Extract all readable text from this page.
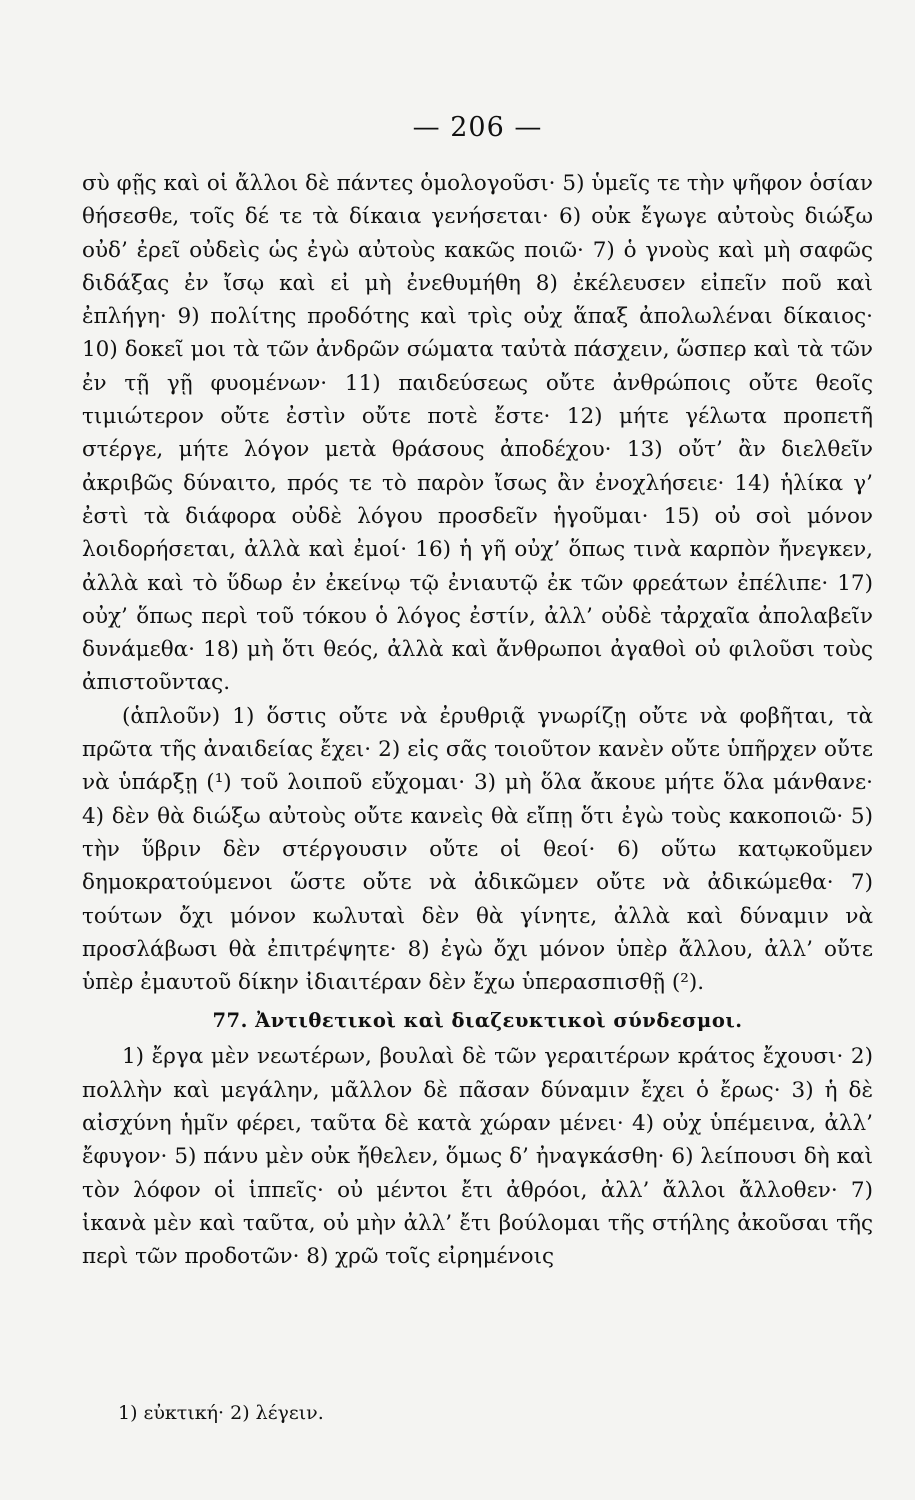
— 206 —

σὺ φῇς καὶ οἱ ἄλλοι δὲ πάντες ὁμολογοῦσι· 5) ὑμεῖς τε τὴν ψῆφον ὁσίαν θήσεσθε, τοῖς δέ τε τὰ δίκαια γενήσεται· 6) οὐκ ἔγωγε αὐτοὺς διώξω οὐδ’ ἐρεῖ οὐδεὶς ὡς ἐγὼ αὐτοὺς κακῶς ποιῶ· 7) ὁ γνοὺς καὶ μὴ σαφῶς διδάξας ἐν ἴσῳ καὶ εἰ μὴ ἐνεθυμήθη 8) ἐκέλευσεν εἰπεῖν ποῦ καὶ ἐπλήγη· 9) πολίτης προδότης καὶ τρὶς οὐχ ἅπαξ ἀπολωλέναι δίκαιος· 10) δοκεῖ μοι τὰ τῶν ἀνδρῶν σώματα ταὐτὰ πάσχειν, ὥσπερ καὶ τὰ τῶν ἐν τῇ γῇ φυομένων· 11) παιδεύσεως οὔτε ἀνθρώποις οὔτε θεοῖς τιμιώτερον οὔτε ἐστὶν οὔτε ποτὲ ἔστε· 12) μήτε γέλωτα προπετῆ στέργε, μήτε λόγον μετὰ θράσους ἀποδέχου· 13) οὔτ’ ἂν διελθεῖν ἀκριβῶς δύναιτο, πρός τε τὸ παρὸν ἴσως ἂν ἐνοχλήσειε· 14) ἡλίκα γ’ ἐστὶ τὰ διάφορα οὐδὲ λόγου προσδεῖν ἡγοῦμαι· 15) οὐ σοὶ μόνον λοιδορήσεται, ἀλλὰ καὶ ἐμοί· 16) ἡ γῆ οὐχ’ ὅπως τινὰ καρπὸν ἤνεγκεν, ἀλλὰ καὶ τὸ ὕδωρ ἐν ἐκείνῳ τῷ ἐνιαυτῷ ἐκ τῶν φρεάτων ἐπέλιπε· 17) οὐχ’ ὅπως περὶ τοῦ τόκου ὁ λόγος ἐστίν, ἀλλ’ οὐδὲ τἀρχαῖα ἀπολαβεῖν δυνάμεθα· 18) μὴ ὅτι θεός, ἀλλὰ καὶ ἄνθρωποι ἀγαθοὶ οὐ φιλοῦσι τοὺς ἀπιστοῦντας.

(ἁπλοῦν) 1) ὅστις οὔτε νὰ ἐρυθριᾷ γνωρίζῃ οὔτε νὰ φοβῆται, τὰ πρῶτα τῆς ἀναιδείας ἔχει· 2) εἰς σᾶς τοιοῦτον κανὲν οὔτε ὑπῆρχεν οὔτε νὰ ὑπάρξῃ (¹) τοῦ λοιποῦ εὔχομαι· 3) μὴ ὅλα ἄκουε μήτε ὅλα μάνθανε· 4) δὲν θὰ διώξω αὐτοὺς οὔτε κανεὶς θὰ εἴπῃ ὅτι ἐγὼ τοὺς κακοποιῶ· 5) τὴν ὕβριν δὲν στέργουσιν οὔτε οἱ θεοί· 6) οὕτω κατῳκοῦμεν δημοκρατούμενοι ὥστε οὔτε νὰ ἀδικῶμεν οὔτε νὰ ἀδικώμεθα· 7) τούτων ὄχι μόνον κωλυταὶ δὲν θὰ γίνητε, ἀλλὰ καὶ δύναμιν νὰ προσλάβωσι θὰ ἐπιτρέψητε· 8) ἐγὼ ὄχι μόνον ὑπὲρ ἄλλου, ἀλλ’ οὔτε ὑπὲρ ἐμαυτοῦ δίκην ἰδιαιτέραν δὲν ἔχω ὑπερασπισθῇ (²).

77. Ἀντιθετικοὶ καὶ διαζευκτικοὶ σύνδεσμοι.

1) ἔργα μὲν νεωτέρων, βουλαὶ δὲ τῶν γεραιτέρων κράτος ἔχουσι· 2) πολλὴν καὶ μεγάλην, μᾶλλον δὲ πᾶσαν δύναμιν ἔχει ὁ ἔρως· 3) ἡ δὲ αἰσχύνη ἡμῖν φέρει, ταῦτα δὲ κατὰ χώραν μένει· 4) οὐχ ὑπέμεινα, ἀλλ’ ἔφυγον· 5) πάνυ μὲν οὐκ ἤθελεν, ὅμως δ’ ἠναγκάσθη· 6) λείπουσι δὴ καὶ τὸν λόφον οἱ ἱππεῖς· οὐ μέντοι ἔτι ἀθρόοι, ἀλλ’ ἄλλοι ἄλλοθεν· 7) ἱκανὰ μὲν καὶ ταῦτα, οὐ μὴν ἀλλ’ ἔτι βούλομαι τῆς στήλης ἀκοῦσαι τῆς περὶ τῶν προδοτῶν· 8) χρῶ τοῖς εἰρημένοις

1) εὐκτική· 2) λέγειν.
